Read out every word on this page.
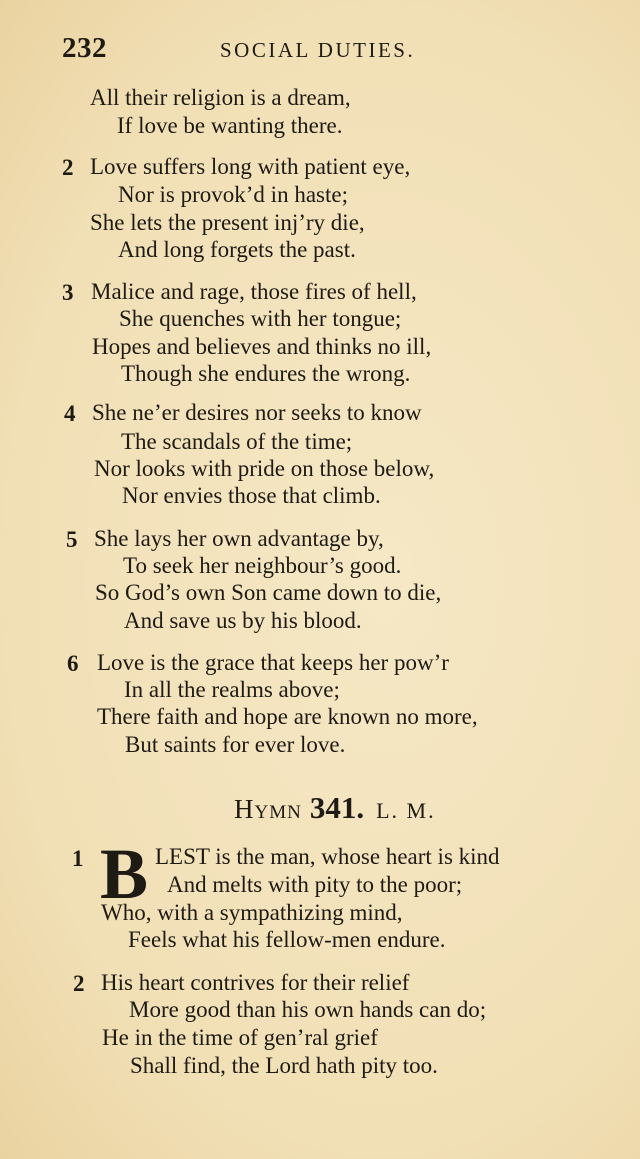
232	SOCIAL DUTIES.
All their religion is a dream,
If love be wanting there.
2 Love suffers long with patient eye,
Nor is provok’d in haste;
She lets the present inj’ry die,
And long forgets the past.
3 Malice and rage, those fires of hell,
She quenches with her tongue;
Hopes and believes and thinks no ill,
Though she endures the wrong.
4 She ne’er desires nor seeks to know
The scandals of the time;
Nor looks with pride on those below,
Nor envies those that climb.
5 She lays her own advantage by,
To seek her neighbour’s good.
So God’s own Son came down to die,
And save us by his blood.
6 Love is the grace that keeps her pow’r
In all the realms above;
There faith and hope are known no more,
But saints for ever love.
Hymn 341. L. M.
1 B LEST is the man, whose heart is kind
And melts with pity to the poor;
Who, with a sympathizing mind,
Feels what his fellow-men endure.
2 His heart contrives for their relief
More good than his own hands can do;
He in the time of gen’ral grief
Shall find, the Lord hath pity too.
